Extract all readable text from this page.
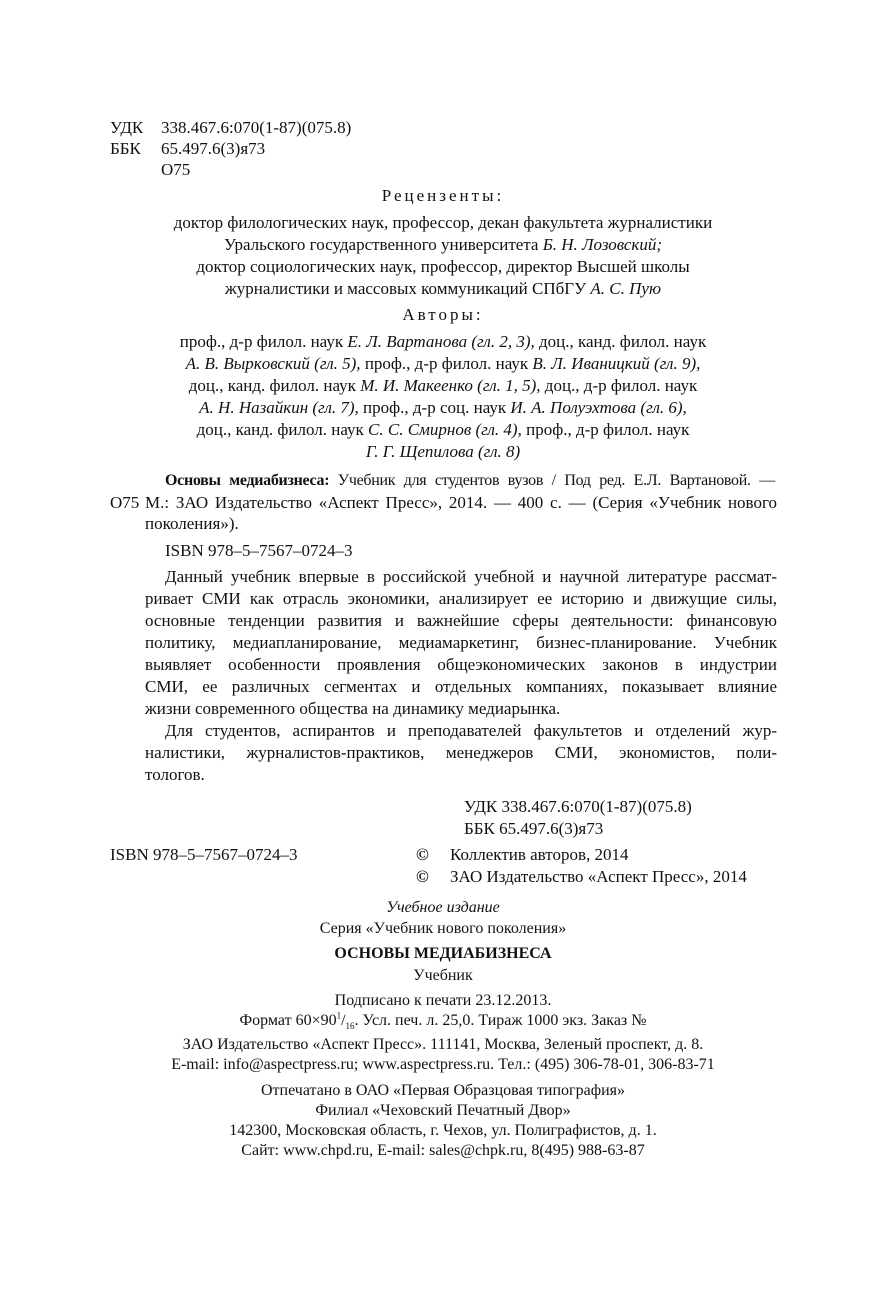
УДК 338.467.6:070(1-87)(075.8)
ББК 65.497.6(3)я73
О75
Рецензенты:
доктор филологических наук, профессор, декан факультета журналистики
Уральского государственного университета Б. Н. Лозовский;
доктор социологических наук, профессор, директор Высшей школы
журналистики и массовых коммуникаций СПбГУ А. С. Пую
Авторы:
проф., д-р филол. наук Е. Л. Вартанова (гл. 2, 3), доц., канд. филол. наук
А. В. Выркoвский (гл. 5), проф., д-р филол. наук В. Л. Иваницкий (гл. 9),
доц., канд. филол. наук М. И. Макеенко (гл. 1, 5), доц., д-р филол. наук
А. Н. Назайкин (гл. 7), проф., д-р соц. наук И. А. Полуэхтова (гл. 6),
доц., канд. филол. наук С. С. Смирнов (гл. 4), проф., д-р филол. наук
Г. Г. Щепилова (гл. 8)
Основы медиабизнеса: Учебник для студентов вузов / Под ред. Е.Л. Вартановой. —
О75 М.: ЗАО Издательство «Аспект Пресс», 2014. — 400 с. — (Серия «Учебник нового
поколения»).
ISBN 978–5–7567–0724–3
Данный учебник впервые в российской учебной и научной литературе рассмат-
ривает СМИ как отрасль экономики, анализирует ее историю и движущие силы,
основные тенденции развития и важнейшие сферы деятельности: финансовую
политику, медиапланирование, медиамаркетинг, бизнес-планирование. Учебник
выявляет особенности проявления общеэкономических законов в индустрии
СМИ, ее различных сегментах и отдельных компаниях, показывает влияние
жизни современного общества на динамику медиарынка.
Для студентов, аспирантов и преподавателей факультетов и отделений жур-
налистики, журналистов-практиков, менеджеров СМИ, экономистов, поли-
тологов.
УДК 338.467.6:070(1-87)(075.8)
ББК 65.497.6(3)я73
ISBN 978–5–7567–0724–3	© Коллектив авторов, 2014
© ЗАО Издательство «Аспект Пресс», 2014
Учебное издание
Серия «Учебник нового поколения»
ОСНОВЫ МЕДИАБИЗНЕСА
Учебник
Подписано к печати 23.12.2013.
Формат $60\times 90^1/_{16}$. Усл. печ. л. 25,0. Тираж 1000 экз. Заказ №
ЗАО Издательство «Аспект Пресс». 111141, Москва, Зеленый проспект, д. 8.
E-mail: info@aspectpress.ru; www.aspectpress.ru. Тел.: (495) 306-78-01, 306-83-71
Отпечатано в ОАО «Первая Образцовая типография»
Филиал «Чеховский Печатный Двор»
142300, Московская область, г. Чехов, ул. Полиграфистов, д. 1.
Сайт: www.chpd.ru, E-mail: sales@chpk.ru, 8(495) 988-63-87
